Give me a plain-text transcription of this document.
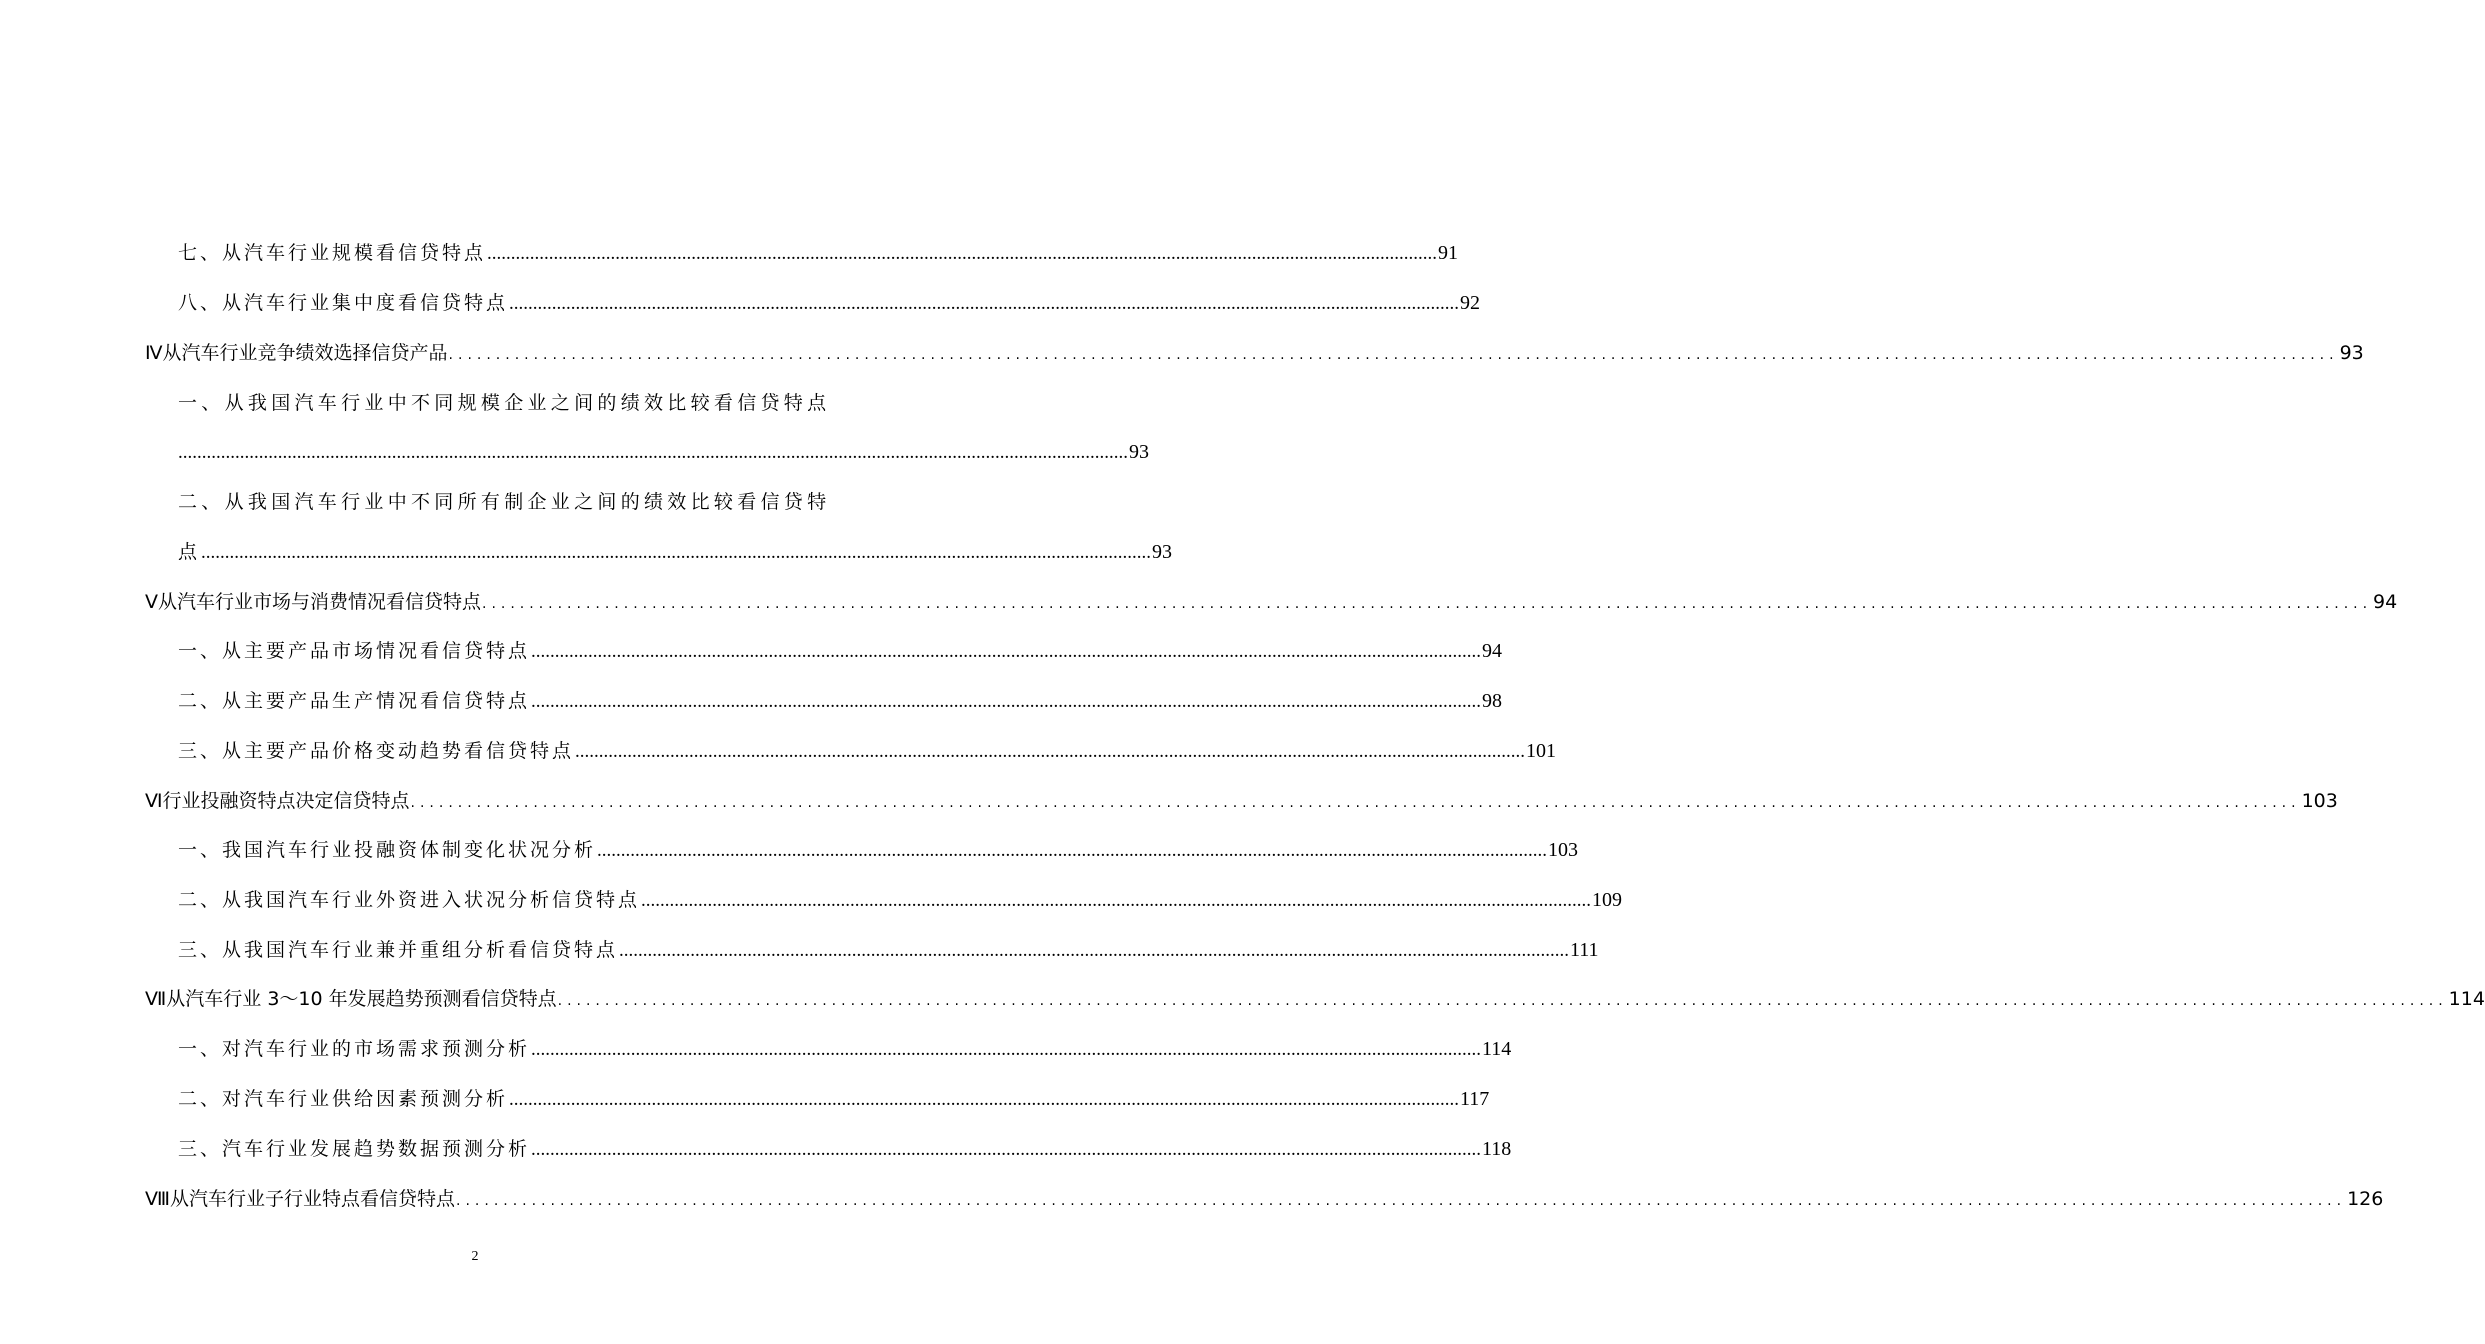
七、从汽车行业规模看信贷特点 ........................................................................................................................................................................................................ 91
八、从汽车行业集中度看信贷特点 ........................................................................................................................................................................................................ 92
Ⅳ从汽车行业竞争绩效选择信贷产品 ........................................................................................................................................................................................................ 93
一、从我国汽车行业中不同规模企业之间的绩效比较看信贷特点
........................................................................................................................................................................................................ 93
二、从我国汽车行业中不同所有制企业之间的绩效比较看信贷特
点 ........................................................................................................................................................................................................ 93
Ⅴ从汽车行业市场与消费情况看信贷特点 ........................................................................................................................................................................................................ 94
一、从主要产品市场情况看信贷特点 ........................................................................................................................................................................................................ 94
二、从主要产品生产情况看信贷特点 ........................................................................................................................................................................................................ 98
三、从主要产品价格变动趋势看信贷特点 ........................................................................................................................................................................................................ 101
Ⅵ行业投融资特点决定信贷特点 ........................................................................................................................................................................................................ 103
一、我国汽车行业投融资体制变化状况分析 ........................................................................................................................................................................................................ 103
二、从我国汽车行业外资进入状况分析信贷特点 ........................................................................................................................................................................................................ 109
三、从我国汽车行业兼并重组分析看信贷特点 ........................................................................................................................................................................................................ 111
Ⅶ从汽车行业 3～10 年发展趋势预测看信贷特点 ........................................................................................................................................................................................................ 114
一、对汽车行业的市场需求预测分析 ........................................................................................................................................................................................................ 114
二、对汽车行业供给因素预测分析 ........................................................................................................................................................................................................ 117
三、汽车行业发展趋势数据预测分析 ........................................................................................................................................................................................................ 118
Ⅷ从汽车行业子行业特点看信贷特点 ........................................................................................................................................................................................................ 126
2
